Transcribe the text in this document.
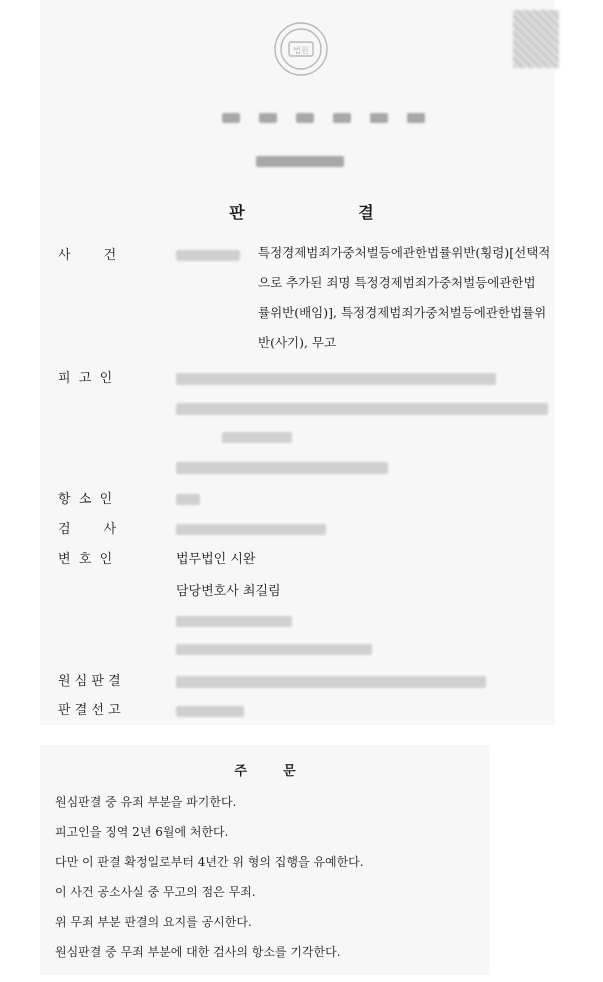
법원

판 결
사        건	특정경제범죄가중처벌등에관한법률위반(횡령)[선택적
으로 추가된 죄명 특정경제범죄가중처벌등에관한법
률위반(배임)], 특정경제범죄가중처벌등에관한법률위
반(사기), 무고
피  고  인
항  소  인
검        사
변  호  인	법무법인 시완
담당변호사 최길림
원 심 판 결
판 결 선 고
주        문
원심판결 중 유죄 부분을 파기한다.
피고인을 징역 2년 6월에 처한다.
다만 이 판결 확정일로부터 4년간 위 형의 집행을 유예한다.
이 사건 공소사실 중 무고의 점은 무죄.
위 무죄 부분 판결의 요지를 공시한다.
원심판결 중 무죄 부분에 대한 검사의 항소를 기각한다.
